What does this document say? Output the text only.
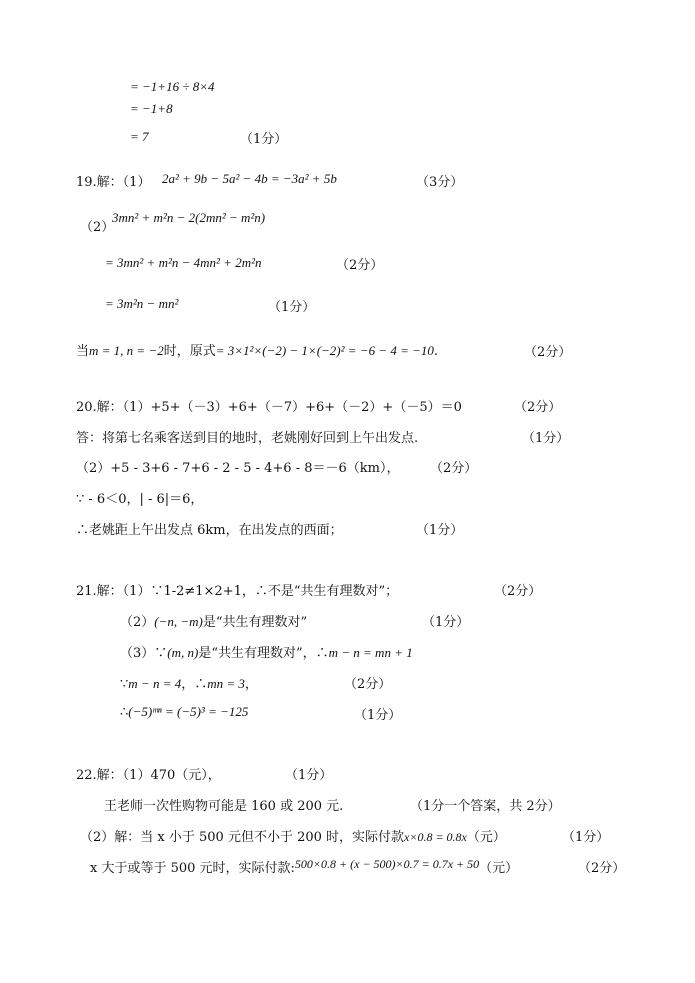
= −1+16 ÷ 8×4
= −1+8
= 7	（1分）
19.解：（1） 2a² + 9b − 5a² − 4b = −3a² + 5b	（3分）
（2）
3mn² + m²n − 2(2mn² − m²n)
= 3mn² + m²n − 4mn² + 2m²n	（2分）
= 3m²n − mn²	（1分）
当m = 1, n = −2时，原式= 3×1²×(−2) − 1×(−2)² = −6 − 4 = −10.	（2分）
20.解：（1）+5+（－3）+6+（－7）+6+（－2）+（－5）＝0	（2分）
答：将第七名乘客送到目的地时，老姚刚好回到上午出发点.	（1分）
（2）+5 - 3+6 - 7+6 - 2 - 5 - 4+6 - 8＝－6（km）， （2分）
∵ - 6＜0，| - 6|＝6，
∴老姚距上午出发点 6km，在出发点的西面；	（1分）
21.解：（1）∵1-2≠1×2+1，∴不是“共生有理数对”；	（2分）
（2）(−n, −m)是“共生有理数对”	（1分）
（3）∵(m, n)是“共生有理数对”，∴m − n = mn + 1
∵m − n = 4，∴mn = 3，	（2分）
∴(−5)ᵐⁿ = (−5)³ = −125	（1分）
22.解：（1）470（元），	（1分）
王老师一次性购物可能是 160 或 200 元.	（1分一个答案，共 2分）
（2）解：当 x 小于 500 元但不小于 200 时，实际付款x×0.8 = 0.8x（元）	（1分）
x 大于或等于 500 元时，实际付款:500×0.8 + (x − 500)×0.7 = 0.7x + 50（元）	（2分）
